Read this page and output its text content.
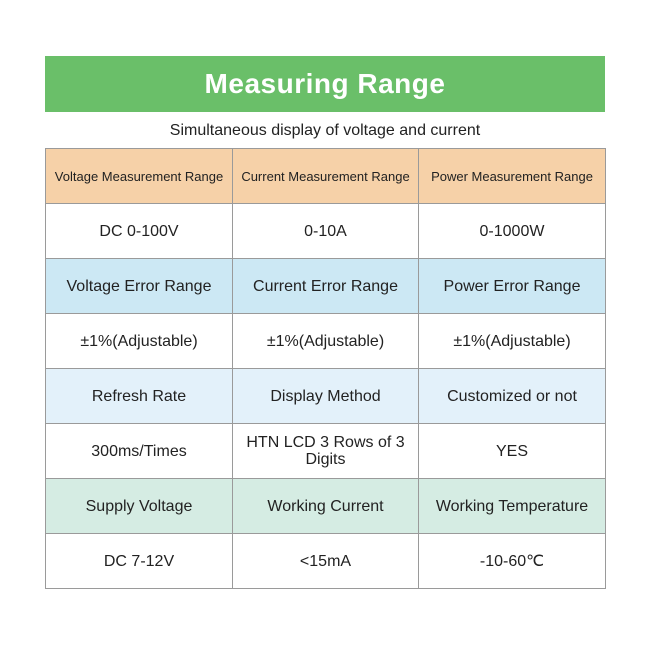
Measuring Range
Simultaneous display of voltage and current
Voltage Measurement Range	Current Measurement Range	Power Measurement Range
DC 0-100V	0-10A	0-1000W
Voltage Error Range	Current Error Range	Power Error Range
±1%(Adjustable)	±1%(Adjustable)	±1%(Adjustable)
Refresh Rate	Display Method	Customized or not
300ms/Times	HTN LCD 3 Rows of 3 Digits	YES
Supply Voltage	Working Current	Working Temperature
DC 7-12V	<15mA	-10-60℃
